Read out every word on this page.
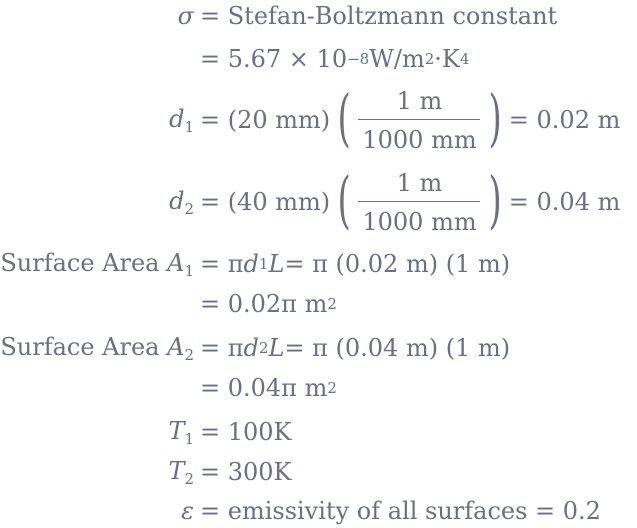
σ = Stefan-Boltzmann constant
= 5.67 × 10 −8 W/m 2 ·K 4
$d_1 = (20$ mm) ( $\frac{1 m}{1000 mm}$ ) = 0.02 m
$d_2 = (40$ mm) ( $\frac{1 m}{1000 mm}$ ) = 0.04 m
Surface Area $A_1 = \pi$ d 1 L = π (0.02 m) (1 m)
= 0.02π m 2
Surface Area $A_2 = \pi$ d 2 L = π (0.04 m) (1 m)
= 0.04π m 2
$T_1 = 100K$
$T_2 = 300K$
ε = emissivity of all surfaces = 0.2
